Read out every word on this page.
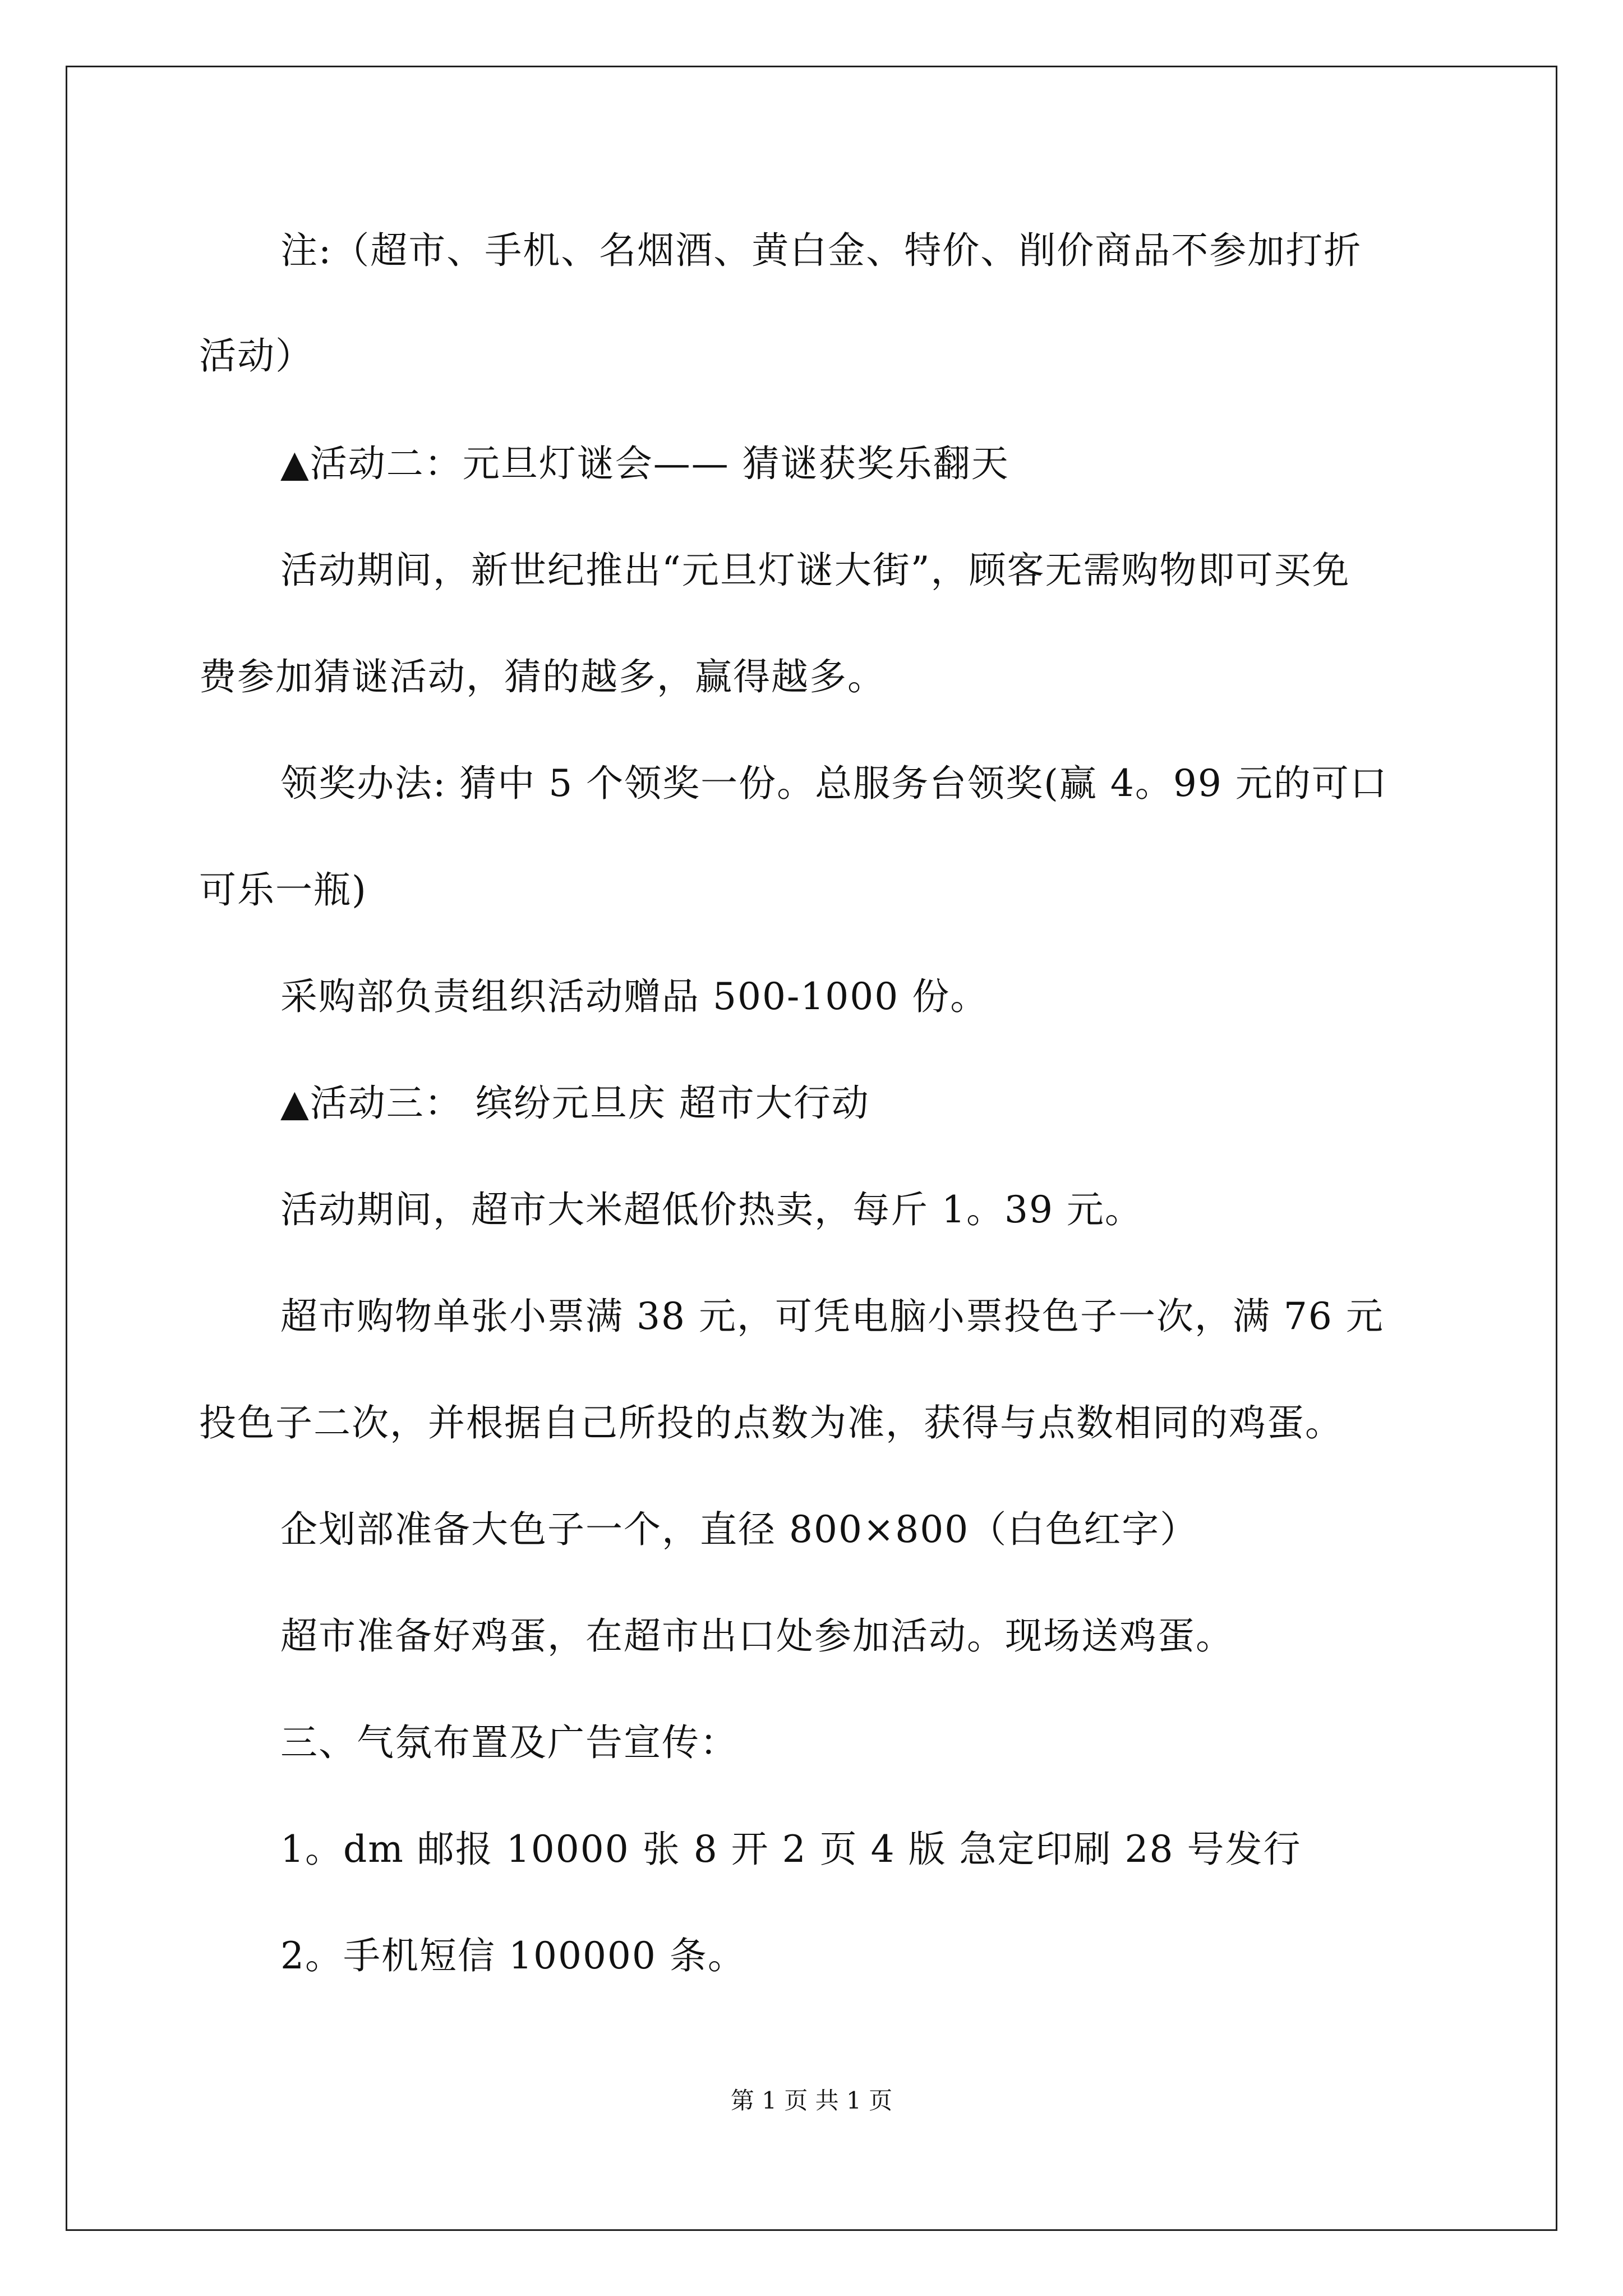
注:（超市、手机、名烟酒、黄白金、特价、削价商品不参加打折
活动）
▲活动二：元旦灯谜会—— 猜谜获奖乐翻天
活动期间，新世纪推出“元旦灯谜大街”，顾客无需购物即可买免
费参加猜谜活动，猜的越多，赢得越多。
领奖办法: 猜中 5 个领奖一份。总服务台领奖(赢 4。99 元的可口
可乐一瓶)
采购部负责组织活动赠品 500-1000 份。
▲活动三： 缤纷元旦庆 超市大行动
活动期间，超市大米超低价热卖，每斤 1。39 元。
超市购物单张小票满 38 元，可凭电脑小票投色子一次，满 76 元
投色子二次，并根据自己所投的点数为准，获得与点数相同的鸡蛋。
企划部准备大色子一个，直径 800×800（白色红字）
超市准备好鸡蛋，在超市出口处参加活动。现场送鸡蛋。
三、气氛布置及广告宣传：
1。dm 邮报 10000 张 8 开 2 页 4 版 急定印刷 28 号发行
2。手机短信 100000 条。
第 1 页 共 1 页
